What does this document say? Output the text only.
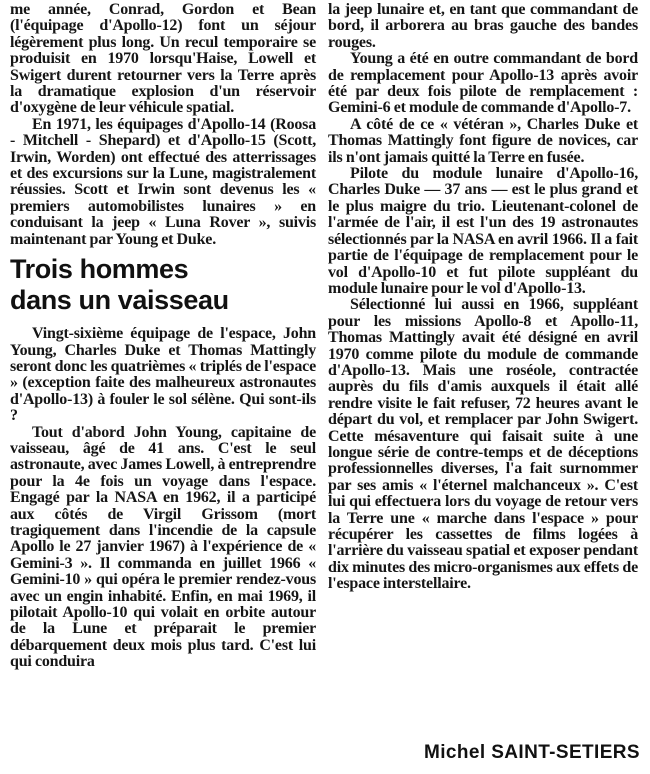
me année, Conrad, Gordon et Bean (l'équipage d'Apollo-12) font un séjour légèrement plus long. Un recul temporaire se produisit en 1970 lorsqu'Haise, Lowell et Swigert durent retourner vers la Terre après la dramatique explosion d'un réservoir d'oxygène de leur véhicule spatial.

En 1971, les équipages d'Apollo-14 (Roosa - Mitchell - Shepard) et d'Apollo-15 (Scott, Irwin, Worden) ont effectué des atterrissages et des excursions sur la Lune, magistralement réussies. Scott et Irwin sont devenus les « premiers automobilistes lunaires » en conduisant la jeep « Luna Rover », suivis maintenant par Young et Duke.

Trois hommes
dans un vaisseau

Vingt-sixième équipage de l'espace, John Young, Charles Duke et Thomas Mattingly seront donc les quatrièmes « triplés de l'espace » (exception faite des malheureux astronautes d'Apollo-13) à fouler le sol sélène. Qui sont-ils ?

Tout d'abord John Young, capitaine de vaisseau, âgé de 41 ans. C'est le seul astronaute, avec James Lowell, à entreprendre pour la 4e fois un voyage dans l'espace. Engagé par la NASA en 1962, il a participé aux côtés de Virgil Grissom (mort tragiquement dans l'incendie de la capsule Apollo le 27 janvier 1967) à l'expérience de « Gemini-3 ». Il commanda en juillet 1966 « Gemini-10 » qui opéra le premier rendez-vous avec un engin inhabité. Enfin, en mai 1969, il pilotait Apollo-10 qui volait en orbite autour de la Lune et préparait le premier débarquement deux mois plus tard. C'est lui qui conduira

la jeep lunaire et, en tant que commandant de bord, il arborera au bras gauche des bandes rouges.

Young a été en outre commandant de bord de remplacement pour Apollo-13 après avoir été par deux fois pilote de remplacement : Gemini-6 et module de commande d'Apollo-7.

A côté de ce « vétéran », Charles Duke et Thomas Mattingly font figure de novices, car ils n'ont jamais quitté la Terre en fusée.

Pilote du module lunaire d'Apollo-16, Charles Duke — 37 ans — est le plus grand et le plus maigre du trio. Lieutenant-colonel de l'armée de l'air, il est l'un des 19 astronautes sélectionnés par la NASA en avril 1966. Il a fait partie de l'équipage de remplacement pour le vol d'Apollo-10 et fut pilote suppléant du module lunaire pour le vol d'Apollo-13.

Sélectionné lui aussi en 1966, suppléant pour les missions Apollo-8 et Apollo-11, Thomas Mattingly avait été désigné en avril 1970 comme pilote du module de commande d'Apollo-13. Mais une roséole, contractée auprès du fils d'amis auxquels il était allé rendre visite le fait refuser, 72 heures avant le départ du vol, et remplacer par John Swigert. Cette mésaventure qui faisait suite à une longue série de contre-temps et de déceptions professionnelles diverses, l'a fait surnommer par ses amis « l'éternel malchanceux ». C'est lui qui effectuera lors du voyage de retour vers la Terre une « marche dans l'espace » pour récupérer les cassettes de films logées à l'arrière du vaisseau spatial et exposer pendant dix minutes des micro-organismes aux effets de l'espace interstellaire.

Michel SAINT-SETIERS
